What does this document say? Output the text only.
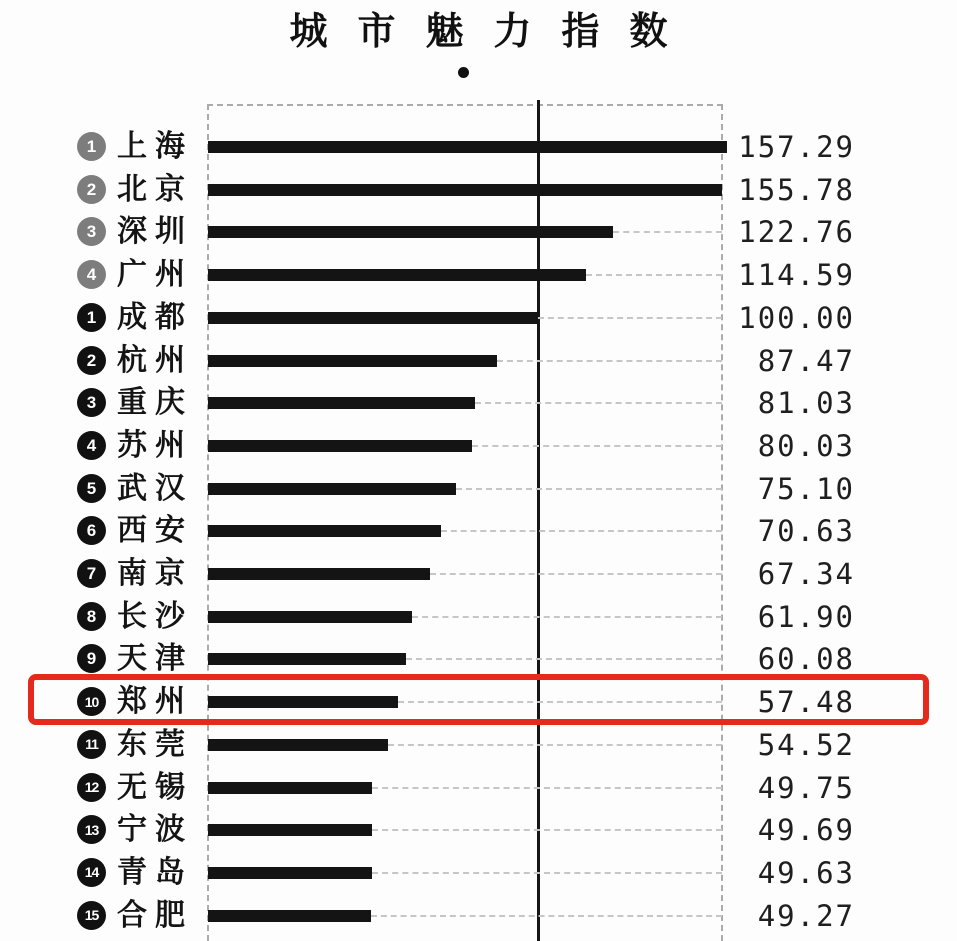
城市魅力指数
1 上海	157.29
2 北京	155.78
3 深圳	122.76
4 广州	114.59
1 成都	100.00
2 杭州	87.47
3 重庆	81.03
4 苏州	80.03
5 武汉	75.10
6 西安	70.63
7 南京	67.34
8 长沙	61.90
9 天津	60.08
10 郑州	57.48
11 东莞	54.52
12 无锡	49.75
13 宁波	49.69
14 青岛	49.63
15 合肥	49.27
